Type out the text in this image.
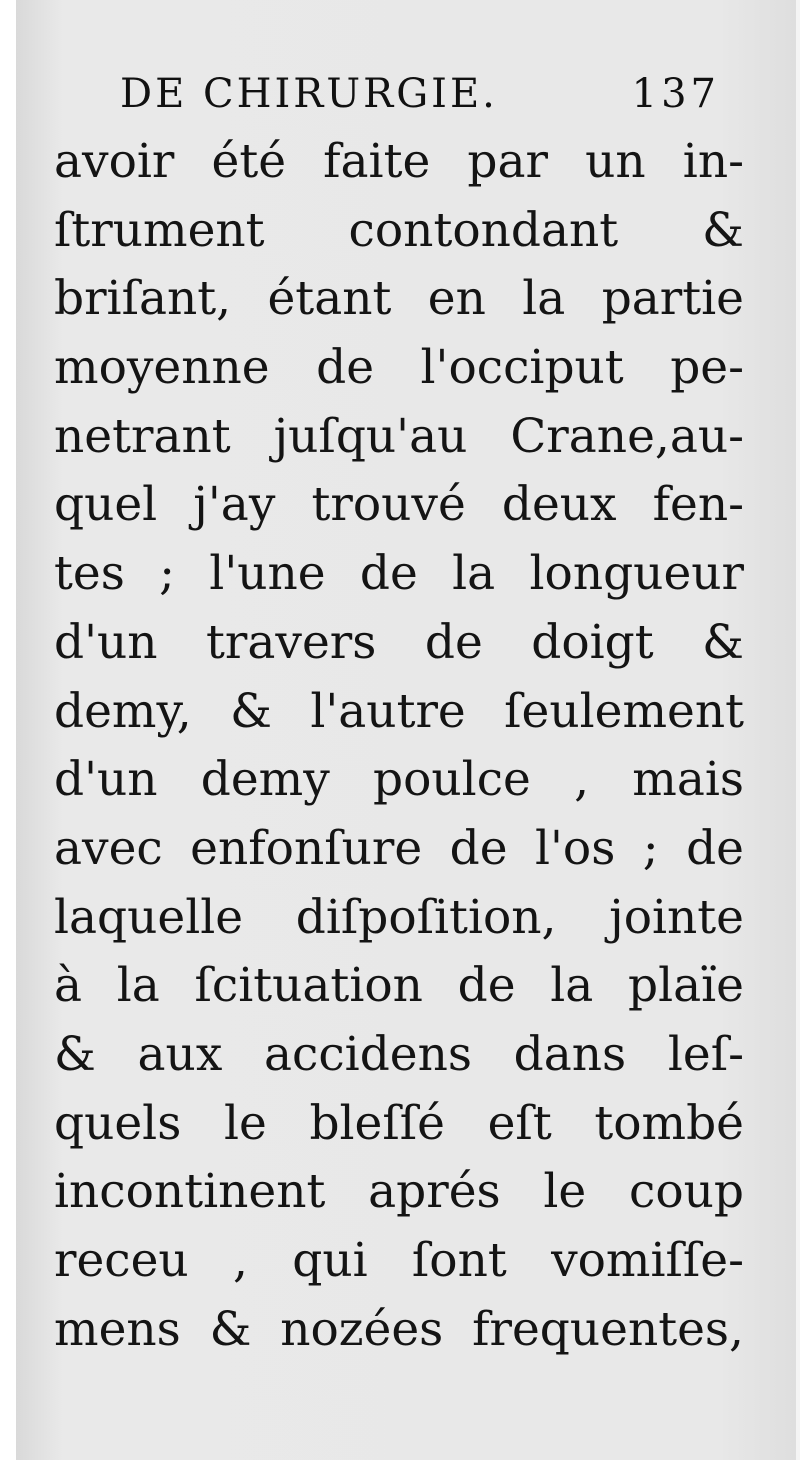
DE CHIRURGIE.	137
avoir été faite par un in-
ſtrument contondant &
briſant, étant en la partie
moyenne de l'occiput pe-
netrant juſqu'au Crane,au-
quel j'ay trouvé deux fen-
tes ; l'une de la longueur
d'un travers de doigt &
demy, & l'autre ſeulement
d'un demy poulce , mais
avec enfonſure de l'os ; de
laquelle diſpoſition, jointe
à la ſcituation de la plaïe
& aux accidens dans leſ-
quels le bleſſé eſt tombé
incontinent aprés le coup
receu , qui ſont vomiſſe-
mens & nozées frequentes,
